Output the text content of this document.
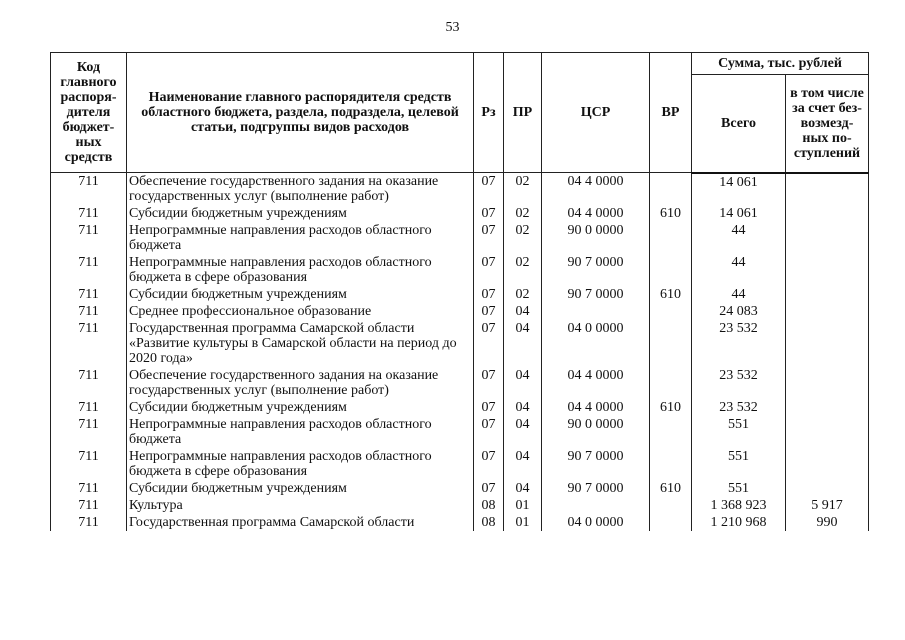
53
Код главного распоря-дителя бюджет-ных средств	Наименование главного распорядителя средств областного бюджета, раздела, подраздела, целевой статьи, подгруппы видов расходов	Рз	ПР	ЦСР	ВР	Сумма, тыс. рублей	
						Всего	в том числе за счет без-возмезд-ных по-ступлений
711	Обеспечение государственного задания на оказание государственных услуг (выполнение работ)	07	02	04 4 0000		14 061	
711	Субсидии бюджетным учреждениям	07	02	04 4 0000	610	14 061	
711	Непрограммные направления расходов областного бюджета	07	02	90 0 0000		44	
711	Непрограммные направления расходов областного бюджета в сфере образования	07	02	90 7 0000		44	
711	Субсидии бюджетным учреждениям	07	02	90 7 0000	610	44	
711	Среднее профессиональное образование	07	04			24 083	
711	Государственная программа Самарской области «Развитие культуры в Самарской области на период до 2020 года»	07	04	04 0 0000		23 532	
711	Обеспечение государственного задания на оказание государственных услуг (выполнение работ)	07	04	04 4 0000		23 532	
711	Субсидии бюджетным учреждениям	07	04	04 4 0000	610	23 532	
711	Непрограммные направления расходов областного бюджета	07	04	90 0 0000		551	
711	Непрограммные направления расходов областного бюджета в сфере образования	07	04	90 7 0000		551	
711	Субсидии бюджетным учреждениям	07	04	90 7 0000	610	551	
711	Культура	08	01			1 368 923	5 917
711	Государственная программа Самарской области	08	01	04 0 0000		1 210 968	990
